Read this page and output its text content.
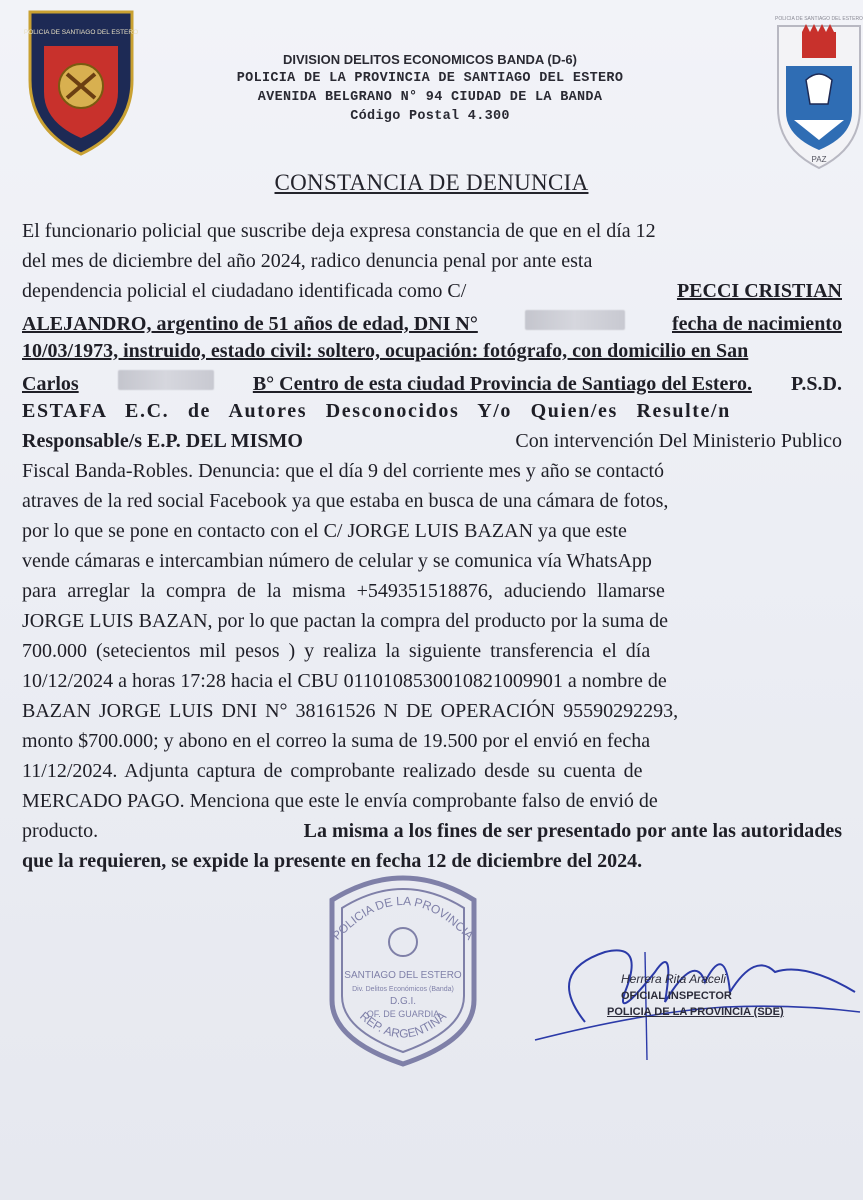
POLICIA DE SANTIAGO DEL ESTERO
DIVISION DELITOS ECONOMICOS BANDA (D-6)
POLICIA DE LA PROVINCIA DE SANTIAGO DEL ESTERO
AVENIDA BELGRANO N° 94 CIUDAD DE LA BANDA
Código Postal 4.300
POLICIA DE SANTIAGO DEL ESTERO
PAZ
CONSTANCIA DE DENUNCIA
El funcionario policial que suscribe deja expresa constancia de que en el día 12
del mes de diciembre del año 2024, radico denuncia penal por ante esta
dependencia policial el ciudadano identificada como C/	PECCI CRISTIAN
ALEJANDRO, argentino de 51 años de edad, DNI N°	fecha de nacimiento
10/03/1973, instruido, estado civil: soltero, ocupación: fotógrafo, con domicilio en San
Carlos	B° Centro de esta ciudad Provincia de Santiago del Estero. P.S.D.
ESTAFA E.C. de Autores Desconocidos Y/o Quien/es Resulte/n
Responsable/s E.P. DEL MISMO	Con intervención Del Ministerio Publico
Fiscal Banda-Robles. Denuncia: que el día 9 del corriente mes y año se contactó
atraves de la red social Facebook ya que estaba en busca de una cámara de fotos,
por lo que se pone en contacto con el C/ JORGE LUIS BAZAN ya que este
vende cámaras e intercambian número de celular y se comunica vía WhatsApp
para arreglar la compra de la misma +549351518876, aduciendo llamarse
JORGE LUIS BAZAN, por lo que pactan la compra del producto por la suma de
700.000 (setecientos mil pesos ) y realiza la siguiente transferencia el día
10/12/2024 a horas 17:28 hacia el CBU 0110108530010821009901 a nombre de
BAZAN JORGE LUIS DNI N° 38161526 N DE OPERACIÓN 95590292293,
monto $700.000; y abono en el correo la suma de 19.500 por el envió en fecha
11/12/2024. Adjunta captura de comprobante realizado desde su cuenta de
MERCADO PAGO. Menciona que este le envía comprobante falso de envió de
producto.	La misma a los fines de ser presentado por ante las autoridades
que la requieren, se expide la presente en fecha 12 de diciembre del 2024.
POLICIA DE LA PROVINCIA
SANTIAGO DEL ESTERO
Div. Delitos Económicos (Banda)
D.G.I.
OF. DE GUARDIA
REP. ARGENTINA
Herrera Rita Araceli
OFICIAL INSPECTOR
POLICIA DE LA PROVINCIA (SDE)
